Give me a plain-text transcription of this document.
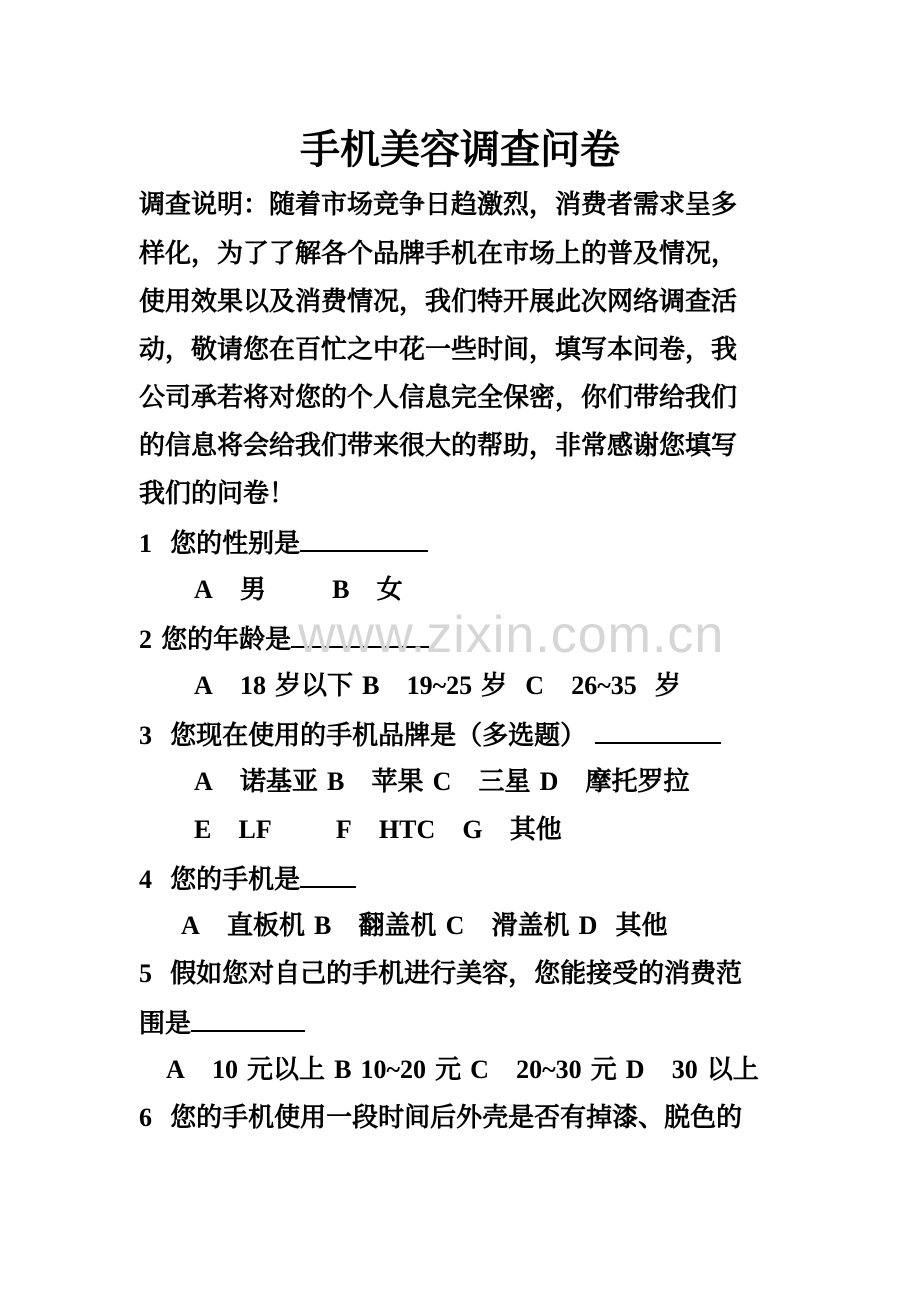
手机美容调查问卷
调查说明：随着市场竞争日趋激烈，消费者需求呈多
样化，为了了解各个品牌手机在市场上的普及情况，
使用效果以及消费情况，我们特开展此次网络调查活
动，敬请您在百忙之中花一些时间，填写本问卷，我
公司承若将对您的个人信息完全保密，你们带给我们
的信息将会给我们带来很大的帮助，非常感谢您填写
我们的问卷！
1 您的性别是
A 男	B 女
2 您的年龄是
A 18 岁以下 B 19~25 岁 C 26~35 岁
3 您现在使用的手机品牌是（多选题）
A 诺基亚 B 苹果 C 三星 D 摩托罗拉
E LF F HTC G 其他
4 您的手机是
A 直板机 B 翻盖机 C 滑盖机 D 其他
5 假如您对自己的手机进行美容，您能接受的消费范
围是
A 10 元以上 B 10~20 元 C 20~30 元 D 30 以上
6 您的手机使用一段时间后外壳是否有掉漆、脱色的
www.zixin.com.cn
